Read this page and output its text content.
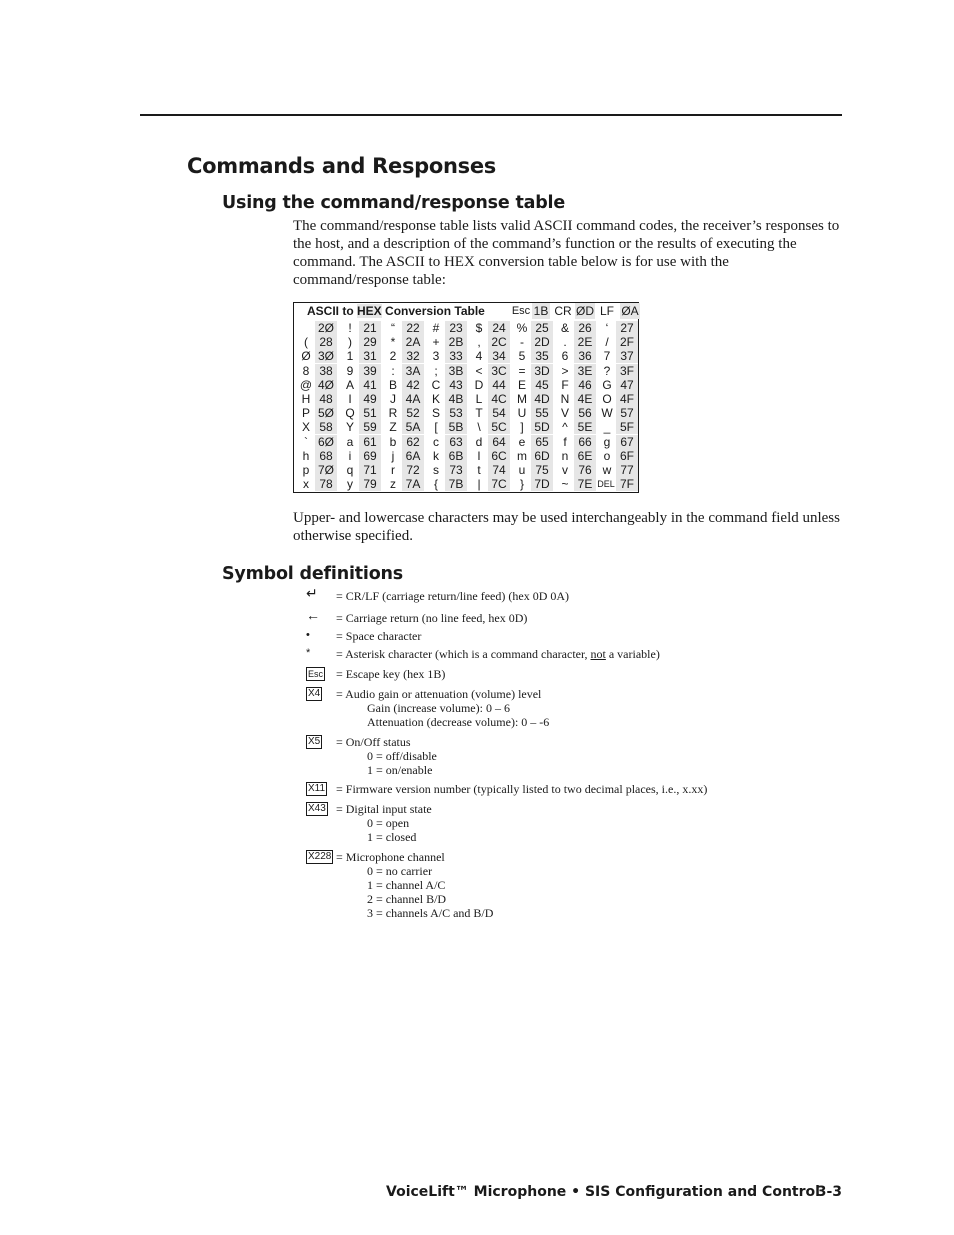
Commands and Responses
Using the command/response table

The command/response table lists valid ASCII command codes, the receiver’s responses to the host, and a description of the command’s function or the results of executing the command. The ASCII to HEX conversion table below is for use with the command/response table:

ASCII to HEX Conversion Table Esc 1B CR ØD LF ØA
2Ø	! 21	“ 22	# 23	$ 24 % 25	& 26	‘ 27
( 28	) 29	* 2A	+ 2B	, 2C	- 2D	. 2E	/ 2F
Ø 3Ø	1 31	2 32	3 33	4 34	5 35	6 36 7 37
8 38	9 39	: 3A	; 3B	< 3C = 3D > 3E ? 3F
@ 4Ø A 41	B 42 C 43 D 44	E 45	F 46 G 47
H 48	I 49	J 4A K 4B	L 4C M 4D N 4E O 4F
P 5Ø Q 51 R 52	S 53	T 54 U 55	V 56 W 57
X 58	Y 59	Z 5A	[ 5B	\ 5C	] 5D	^ 5E _ 5F
` 6Ø	a 61	b 62	c 63	d 64	e 65	f 66 g 67
h 68	i 69	j 6A	k 6B	l 6C m 6D n 6E o 6F
p 7Ø	q 71	r 72	s 73	t 74	u 75	v 76 w 77
x 78	y 79	z 7A	{ 7B	| 7C	} 7D ~ 7E DEL 7F

Upper- and lowercase characters may be used interchangeably in the command field unless otherwise specified.

Symbol definitions
↵ = CR/LF (carriage return/line feed) (hex 0D 0A)
← = Carriage return (no line feed, hex 0D)
• = Space character
* = Asterisk character (which is a command character, not a variable)
Esc = Escape key (hex 1B)
X4 = Audio gain or attenuation (volume) level
Gain (increase volume): 0 – 6
Attenuation (decrease volume): 0 – -6
X5 = On/Off status
0 = off/disable
1 = on/enable
X11 = Firmware version number (typically listed to two decimal places, i.e., x.xx)
X43 = Digital input state
0 = open
1 = closed
X228 = Microphone channel
0 = no carrier
1 = channel A/C
2 = channel B/D
3 = channels A/C and B/D
VoiceLift™ Microphone • SIS Configuration and Control
3-3
